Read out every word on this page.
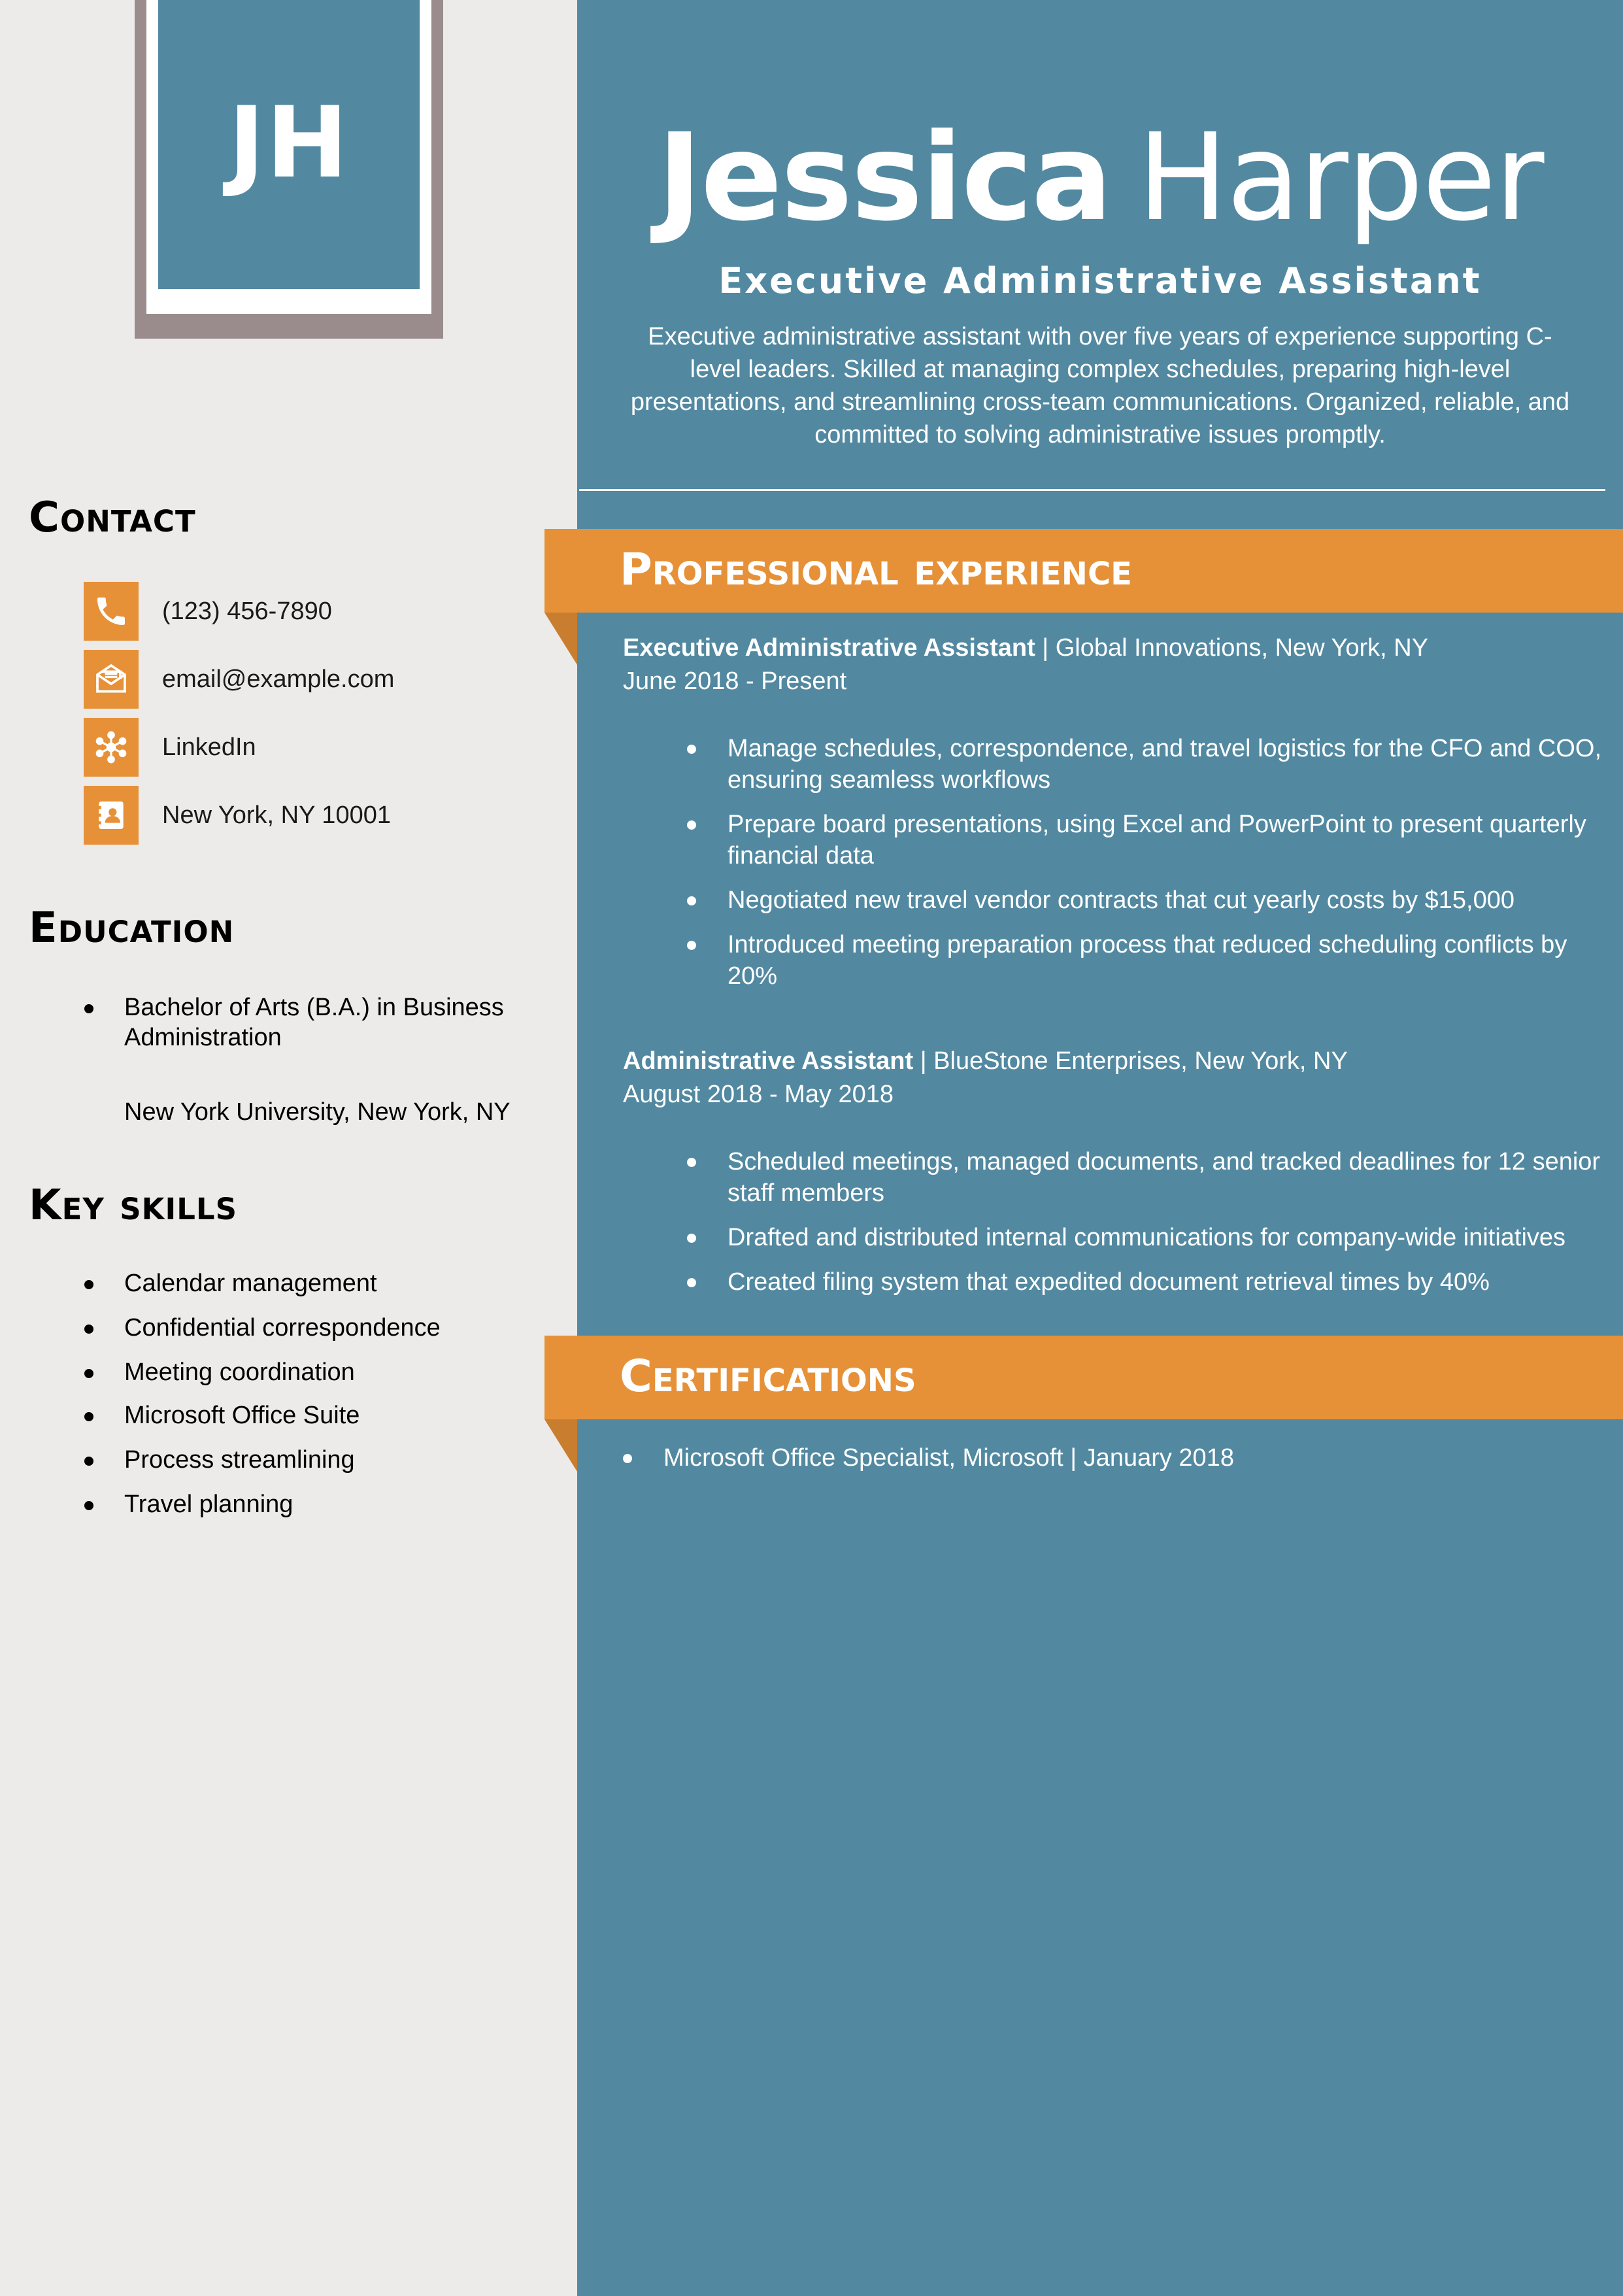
Jessica Harper
Executive Administrative Assistant
Executive administrative assistant with over five years of experience supporting C-level leaders. Skilled at managing complex schedules, preparing high-level presentations, and streamlining cross-team communications. Organized, reliable, and committed to solving administrative issues promptly.
JH
Contact
(123) 456-7890
email@example.com
LinkedIn
New York, NY 10001
Education
Bachelor of Arts (B.A.) in Business Administration
New York University, New York, NY
Key skills
Calendar management
Confidential correspondence
Meeting coordination
Microsoft Office Suite
Process streamlining
Travel planning
Professional experience
Executive Administrative Assistant | Global Innovations, New York, NY
June 2018 - Present
Manage schedules, correspondence, and travel logistics for the CFO and COO, ensuring seamless workflows
Prepare board presentations, using Excel and PowerPoint to present quarterly financial data
Negotiated new travel vendor contracts that cut yearly costs by $15,000
Introduced meeting preparation process that reduced scheduling conflicts by 20%
Administrative Assistant | BlueStone Enterprises, New York, NY
August 2018 - May 2018
Scheduled meetings, managed documents, and tracked deadlines for 12 senior staff members
Drafted and distributed internal communications for company-wide initiatives
Created filing system that expedited document retrieval times by 40%
Certifications
Microsoft Office Specialist, Microsoft | January 2018
